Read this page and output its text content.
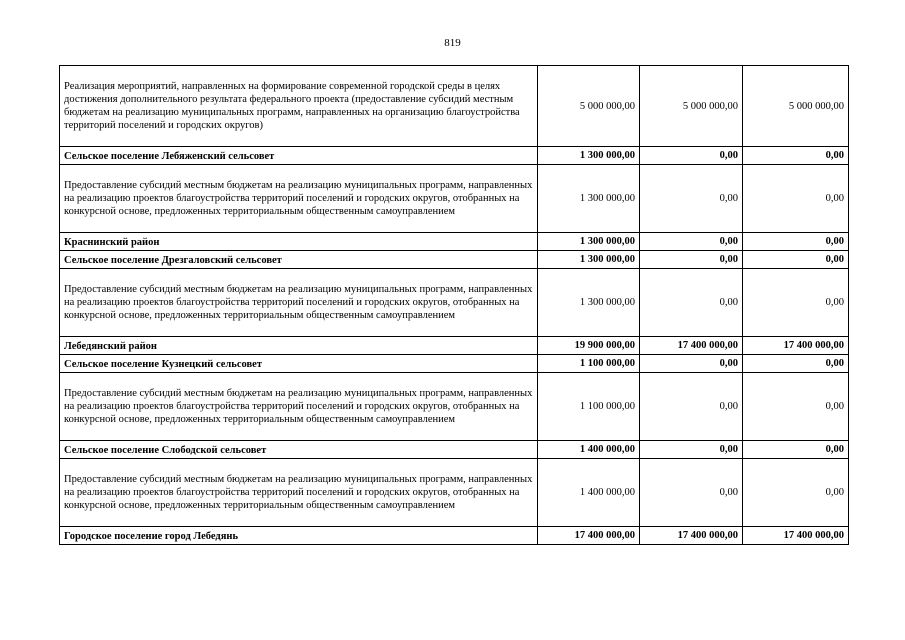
819
Реализация мероприятий, направленных на формирование современной городской среды в целях достижения дополнительного результата федерального проекта (предоставление субсидий местным бюджетам на реализацию муниципальных программ, направленных на организацию благоустройства территорий поселений и городских округов)	5 000 000,00	5 000 000,00	5 000 000,00
Сельское поселение Лебяженский сельсовет	1 300 000,00	0,00	0,00
Предоставление субсидий местным бюджетам на реализацию муниципальных программ, направленных на реализацию проектов благоустройства территорий поселений и городских округов, отобранных на конкурсной основе, предложенных территориальным общественным самоуправлением	1 300 000,00	0,00	0,00
Краснинский район	1 300 000,00	0,00	0,00
Сельское поселение Дрезгаловский сельсовет	1 300 000,00	0,00	0,00
Предоставление субсидий местным бюджетам на реализацию муниципальных программ, направленных на реализацию проектов благоустройства территорий поселений и городских округов, отобранных на конкурсной основе, предложенных территориальным общественным самоуправлением	1 300 000,00	0,00	0,00
Лебедянский район	19 900 000,00	17 400 000,00	17 400 000,00
Сельское поселение Кузнецкий сельсовет	1 100 000,00	0,00	0,00
Предоставление субсидий местным бюджетам на реализацию муниципальных программ, направленных на реализацию проектов благоустройства территорий поселений и городских округов, отобранных на конкурсной основе, предложенных территориальным общественным самоуправлением	1 100 000,00	0,00	0,00
Сельское поселение Слободской сельсовет	1 400 000,00	0,00	0,00
Предоставление субсидий местным бюджетам на реализацию муниципальных программ, направленных на реализацию проектов благоустройства территорий поселений и городских округов, отобранных на конкурсной основе, предложенных территориальным общественным самоуправлением	1 400 000,00	0,00	0,00
Городское поселение город Лебедянь	17 400 000,00	17 400 000,00	17 400 000,00
